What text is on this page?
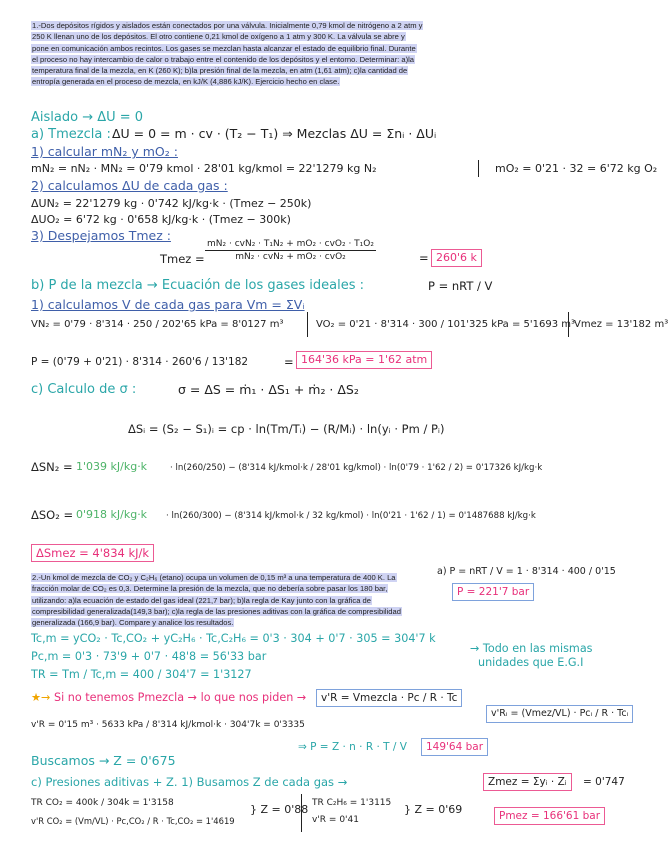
1.-Dos depósitos rígidos y aislados están conectados por una válvula. Inicialmente 0,79 kmol de nitrógeno a 2 atm y 250 K llenan uno de los depósitos. El otro contiene 0,21 kmol de oxígeno a 1 atm y 300 K. La válvula se abre y pone en comunicación ambos recintos. Los gases se mezclan hasta alcanzar el estado de equilibrio final. Durante el proceso no hay intercambio de calor o trabajo entre el contenido de los depósitos y el entorno. Determinar: a)la temperatura final de la mezcla, en K (260 K); b)la presión final de la mezcla, en atm (1,61 atm); c)la cantidad de entropía generada en el proceso de mezcla, en kJ/K (4,886 kJ/K). Ejercicio hecho en clase.
Aislado → ΔU = 0
a) Tmezcla : ΔU = 0 = m · cv · (T₂ − T₁) ⇒ Mezclas ΔU = Σnᵢ · ΔUᵢ
1) calcular mN₂ y mO₂ :
mN₂ = nN₂ · MN₂ = 0'79 kmol · 28'01 kg/kmol = 22'1279 kg N₂	mO₂ = 0'21 · 32 = 6'72 kg O₂
2) calculamos ΔU de cada gas :
ΔUN₂ = 22'1279 kg · 0'742 kJ/kg·k · (Tmez − 250k)
ΔUO₂ = 6'72 kg · 0'658 kJ/kg·k · (Tmez − 300k)
3) Despejamos Tmez :
Tmez = $\frac{\text{mN₂ · cvN₂ · T₁N₂ + mO₂ · cvO₂ · T₁O₂}}{\text{mN₂ · cvN₂ + mO₂ · cvO₂}}$	= 260'6 k
b) P de la mezcla → Ecuación de los gases ideales :	P = nRT / V
1) calculamos V de cada gas para Vm = ΣVᵢ
VN₂ = 0'79 · 8'314 · 250 / 202'65 kPa = 8'0127 m³	VO₂ = 0'21 · 8'314 · 300 / 101'325 kPa = 5'1693 m³
Vmez = 13'182 m³
P = (0'79 + 0'21) · 8'314 · 260'6 / 13'182	= 164'36 kPa = 1'62 atm
c) Calculo de σ :	σ = ΔS = ṁ₁ · ΔS₁ + ṁ₂ · ΔS₂
ΔSᵢ = (S₂ − S₁)ᵢ = cp · ln(Tm/Tᵢ) − (R/Mᵢ) · ln(yᵢ · Pm / Pᵢ)
ΔSN₂ = 1'039 kJ/kg·k	· ln(260/250) − (8'314 kJ/kmol·k / 28'01 kg/kmol) · ln(0'79 · 1'62 / 2) = 0'17326 kJ/kg·k
ΔSO₂ = 0'918 kJ/kg·k · ln(260/300) − (8'314 kJ/kmol·k / 32 kg/kmol) · ln(0'21 · 1'62 / 1) = 0'1487688 kJ/kg·k
ΔSmez = 4'834 kJ/k
2.-Un kmol de mezcla de CO₂ y C₂H₆ (etano) ocupa un volumen de 0,15 m³ a una temperatura de 400 K. La fracción molar de CO₂ es 0,3. Determine la presión de la mezcla, que no debería sobre pasar los 180 bar, utilizando: a)la ecuación de estado del gas ideal (221,7 bar); b)la regla de Kay junto con la gráfica de compresibilidad generalizada(149,3 bar); c)la regla de las presiones aditivas con la gráfica de compresibilidad generalizada (166,9 bar). Compare y analice los resultados.
a) P = nRT / V = 1 · 8'314 · 400 / 0'15
P = 221'7 bar
Tc,m = yCO₂ · Tc,CO₂ + yC₂H₆ · Tc,C₂H₆ = 0'3 · 304 + 0'7 · 305 = 304'7 k
Pc,m = 0'3 · 73'9 + 0'7 · 48'8 = 56'33 bar
TR = Tm / Tc,m = 400 / 304'7 = 1'3127
→ Todo en las mismas
unidades que E.G.I
★→ Si no tenemos Pmezcla → lo que nos piden →	v'R = Vmezcla · Pc / R · Tc
v'R = 0'15 m³ · 5633 kPa / 8'314 kJ/kmol·k · 304'7k = 0'3335
v'Rᵢ = (Vmez/VL) · Pcᵢ / R · Tcᵢ
⇒ P = Z · n · R · T / V	149'64 bar
Buscamos → Z = 0'675
c) Presiones aditivas + Z. 1) Busamos Z de cada gas →	Zmez = Σyᵢ · Zᵢ	= 0'747
TR CO₂ = 400k / 304k = 1'3158
v'R CO₂ = (Vm/VL) · Pc,CO₂ / R · Tc,CO₂ = 1'4619
} Z = 0'88 TR C₂H₆ = 1'3115
v'R = 0'41
} Z = 0'69	Pmez = 166'61 bar
